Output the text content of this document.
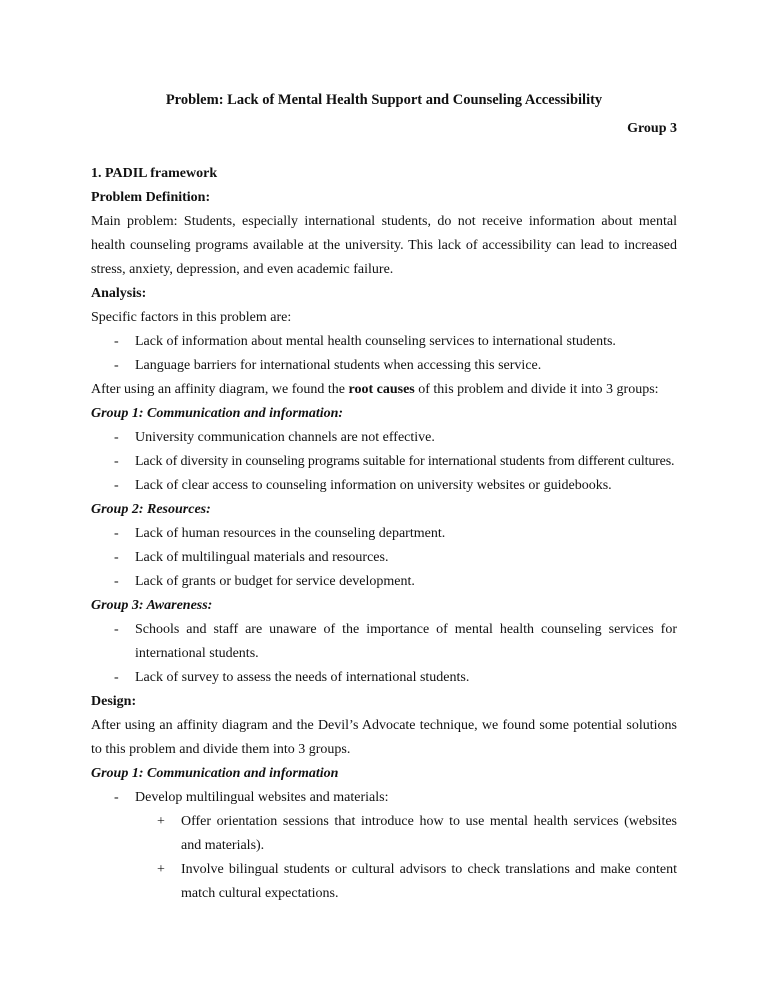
Problem: Lack of Mental Health Support and Counseling Accessibility
Group 3
1. PADIL framework
Problem Definition:

Main problem: Students, especially international students, do not receive information about mental health counseling programs available at the university. This lack of accessibility can lead to increased stress, anxiety, depression, and even academic failure.

Analysis:

Specific factors in this problem are:

- Lack of information about mental health counseling services to international students.
- Language barriers for international students when accessing this service.

After using an affinity diagram, we found the root causes of this problem and divide it into 3 groups:

Group 1: Communication and information:
- University communication channels are not effective.
- Lack of diversity in counseling programs suitable for international students from different cultures.
- Lack of clear access to counseling information on university websites or guidebooks.
Group 2: Resources:
- Lack of human resources in the counseling department.
- Lack of multilingual materials and resources.
- Lack of grants or budget for service development.
Group 3: Awareness:
- Schools and staff are unaware of the importance of mental health counseling services for international students.
- Lack of survey to assess the needs of international students.
Design:

After using an affinity diagram and the Devil’s Advocate technique, we found some potential solutions to this problem and divide them into 3 groups.

Group 1: Communication and information
- Develop multilingual websites and materials:
+ Offer orientation sessions that introduce how to use mental health services (websites and materials).
+ Involve bilingual students or cultural advisors to check translations and make content match cultural expectations.
